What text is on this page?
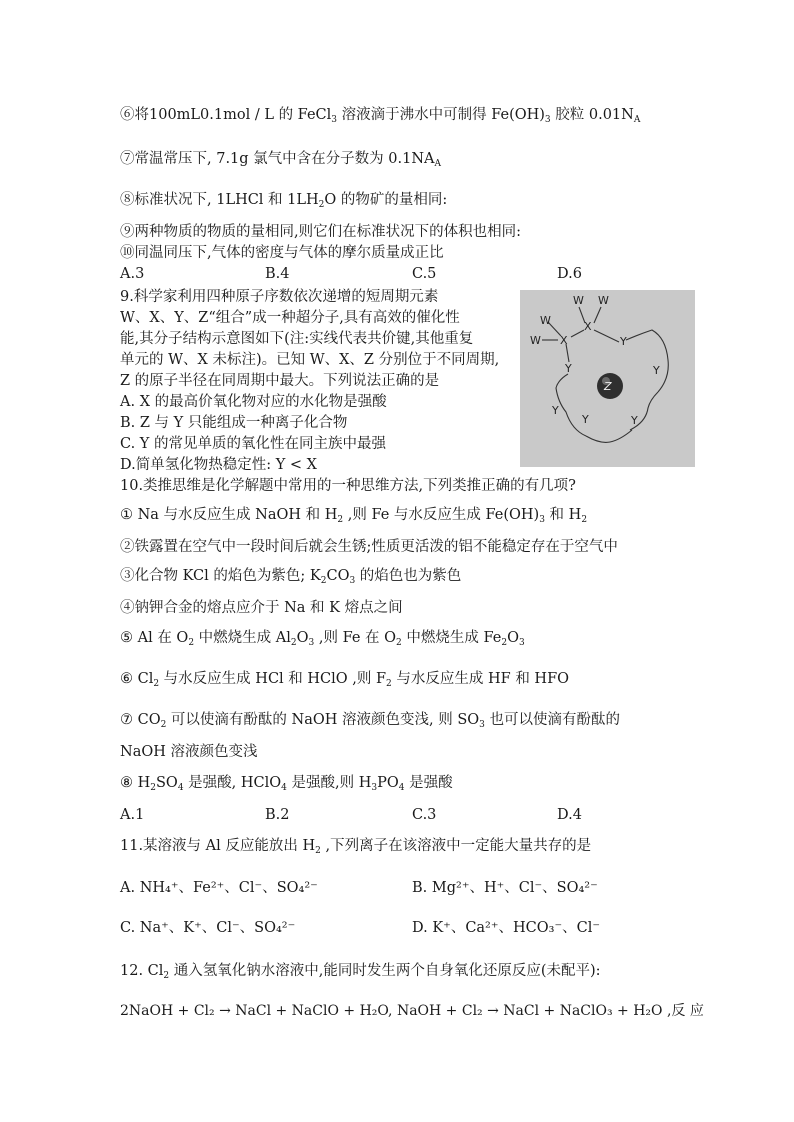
⑥将100mL0.1mol / L 的 FeCl$_3$ 溶液滴于沸水中可制得 $Fe(OH)_3$ 胶粒 $0.01N_A$
⑦常温常压下, 7.1g 氯气中含在分子数为 $0.1NA_A$
⑧标准状况下, 1LHCl 和 $1LH_2O$ 的物矿的量相同:
⑨两种物质的物质的量相同,则它们在标准状况下的体积也相同:
⑩同温同压下,气体的密度与气体的摩尔质量成正比
A.3	B.4	C.5	D.6
9.科学家利用四种原子序数依次递增的短周期元素
W、X、Y、Z“组合”成一种超分子,具有高效的催化性
能,其分子结构示意图如下(注:实线代表共价键,其他重复
单元的 W、X 未标注)。已知 W、X、Z 分别位于不同周期,
Z 的原子半径在同周期中最大。下列说法正确的是
A. X 的最高价氧化物对应的水化物是强酸
B. Z 与 Y 只能组成一种离子化合物
C. Y 的常见单质的氧化性在同主族中最强
D.简单氢化物热稳定性: Y < X
Z
W W
W
W
X
X	Y
Y	Y
Y
Y	Y
10.类推思维是化学解题中常用的一种思维方法,下列类推正确的有几项?
① Na 与水反应生成 NaOH 和 $H_2$ ,则 Fe 与水反应生成 $Fe(OH)_3$ 和 $H_2$
②铁露置在空气中一段时间后就会生锈;性质更活泼的铝不能稳定存在于空气中
③化合物 KCl 的焰色为紫色; $K_2CO_3$ 的焰色也为紫色
④钠钾合金的熔点应介于 Na 和 K 熔点之间
⑤ Al 在 $O_2$ 中燃烧生成 $Al_2O_3$ ,则 Fe 在 $O_2$ 中燃烧生成 $Fe_2O_3$
⑥ $Cl_2$ 与水反应生成 HCl 和 HClO ,则 $F_2$ 与水反应生成 HF 和 HFO
⑦ $CO_2$ 可以使滴有酚酞的 NaOH 溶液颜色变浅, 则 $SO_3$ 也可以使滴有酚酞的
NaOH 溶液颜色变浅
⑧ $H_2SO_4$ 是强酸, HClO$_4$ 是强酸,则 $H_3PO_4$ 是强酸
A.1	B.2	C.3	D.4
11.某溶液与 Al 反应能放出 $H_2$ ,下列离子在该溶液中一定能大量共存的是
A. NH₄⁺、Fe²⁺、Cl⁻、SO₄²⁻	B. Mg²⁺、H⁺、Cl⁻、SO₄²⁻
C. Na⁺、K⁺、Cl⁻、SO₄²⁻	D. K⁺、Ca²⁺、HCO₃⁻、Cl⁻
12. $Cl_2$ 通入氢氧化钠水溶液中,能同时发生两个自身氧化还原反应(未配平):
2NaOH + Cl₂ → NaCl + NaClO + H₂O, NaOH + Cl₂ → NaCl + NaClO₃ + H₂O ,反 应
